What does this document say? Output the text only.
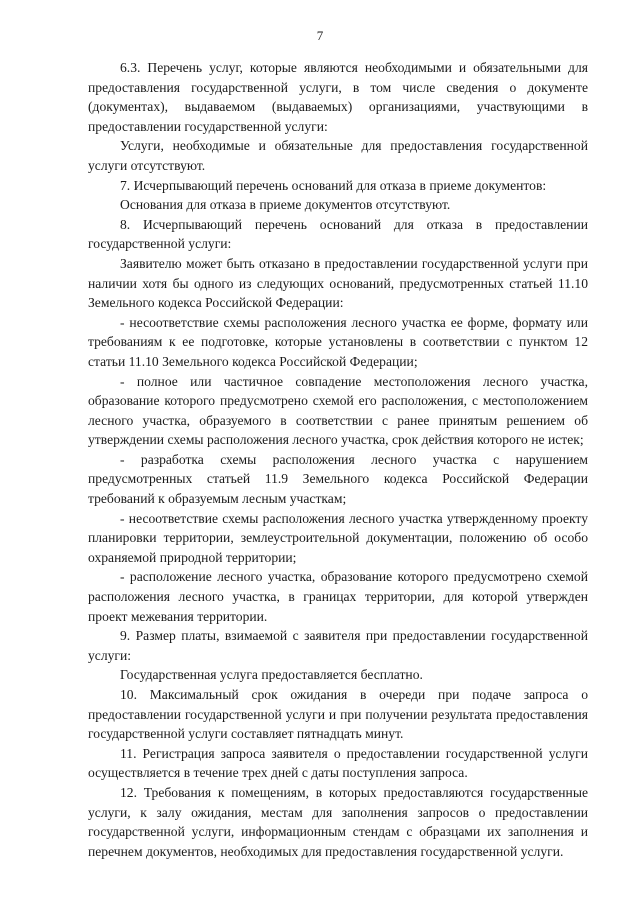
7

6.3. Перечень услуг, которые являются необходимыми и обязательными для предоставления государственной услуги, в том числе сведения о документе (документах), выдаваемом (выдаваемых) организациями, участвующими в предоставлении государственной услуги:

Услуги, необходимые и обязательные для предоставления государственной услуги отсутствуют.

7. Исчерпывающий перечень оснований для отказа в приеме документов:

Основания для отказа в приеме документов отсутствуют.

8. Исчерпывающий перечень оснований для отказа в предоставлении государственной услуги:

Заявителю может быть отказано в предоставлении государственной услуги при наличии хотя бы одного из следующих оснований, предусмотренных статьей 11.10 Земельного кодекса Российской Федерации:

- несоответствие схемы расположения лесного участка ее форме, формату или требованиям к ее подготовке, которые установлены в соответствии с пунктом 12 статьи 11.10 Земельного кодекса Российской Федерации;

- полное или частичное совпадение местоположения лесного участка, образование которого предусмотрено схемой его расположения, с местоположением лесного участка, образуемого в соответствии с ранее принятым решением об утверждении схемы расположения лесного участка, срок действия которого не истек;

- разработка схемы расположения лесного участка с нарушением предусмотренных статьей 11.9 Земельного кодекса Российской Федерации требований к образуемым лесным участкам;

- несоответствие схемы расположения лесного участка утвержденному проекту планировки территории, землеустроительной документации, положению об особо охраняемой природной территории;

- расположение лесного участка, образование которого предусмотрено схемой расположения лесного участка, в границах территории, для которой утвержден проект межевания территории.

9. Размер платы, взимаемой с заявителя при предоставлении государственной услуги:

Государственная услуга предоставляется бесплатно.

10. Максимальный срок ожидания в очереди при подаче запроса о предоставлении государственной услуги и при получении результата предоставления государственной услуги составляет пятнадцать минут.

11. Регистрация запроса заявителя о предоставлении государственной услуги осуществляется в течение трех дней с даты поступления запроса.

12. Требования к помещениям, в которых предоставляются государственные услуги, к залу ожидания, местам для заполнения запросов о предоставлении государственной услуги, информационным стендам с образцами их заполнения и перечнем документов, необходимых для предоставления государственной услуги.
